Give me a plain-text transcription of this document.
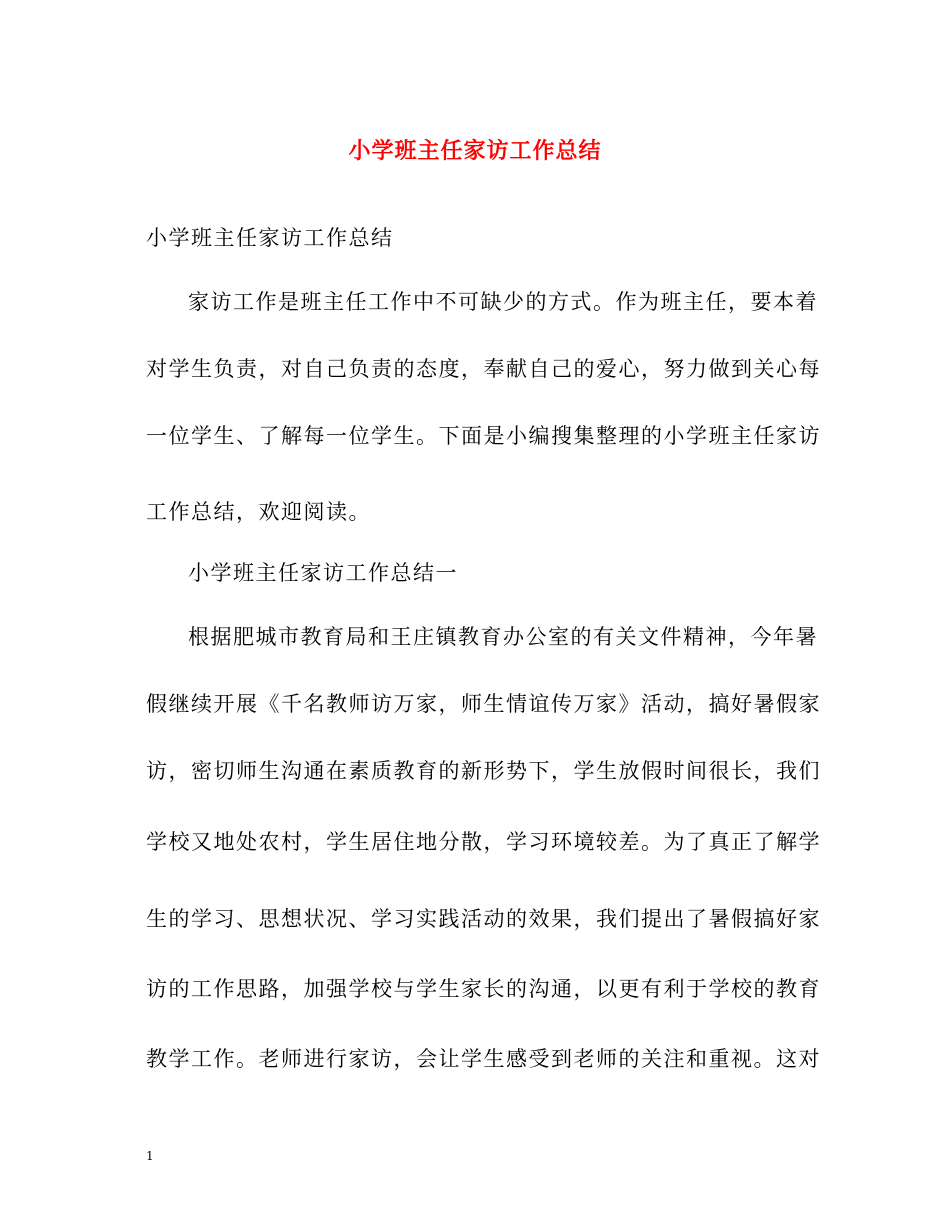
小学班主任家访工作总结
小学班主任家访工作总结
家访工作是班主任工作中不可缺少的方式。作为班主任，要本着
对学生负责，对自己负责的态度，奉献自己的爱心，努力做到关心每
一位学生、了解每一位学生。下面是小编搜集整理的小学班主任家访
工作总结，欢迎阅读。
小学班主任家访工作总结一
根据肥城市教育局和王庄镇教育办公室的有关文件精神，今年暑
假继续开展《千名教师访万家，师生情谊传万家》活动，搞好暑假家
访，密切师生沟通在素质教育的新形势下，学生放假时间很长，我们
学校又地处农村，学生居住地分散，学习环境较差。为了真正了解学
生的学习、思想状况、学习实践活动的效果，我们提出了暑假搞好家
访的工作思路，加强学校与学生家长的沟通，以更有利于学校的教育
教学工作。老师进行家访，会让学生感受到老师的关注和重视。这对
1
